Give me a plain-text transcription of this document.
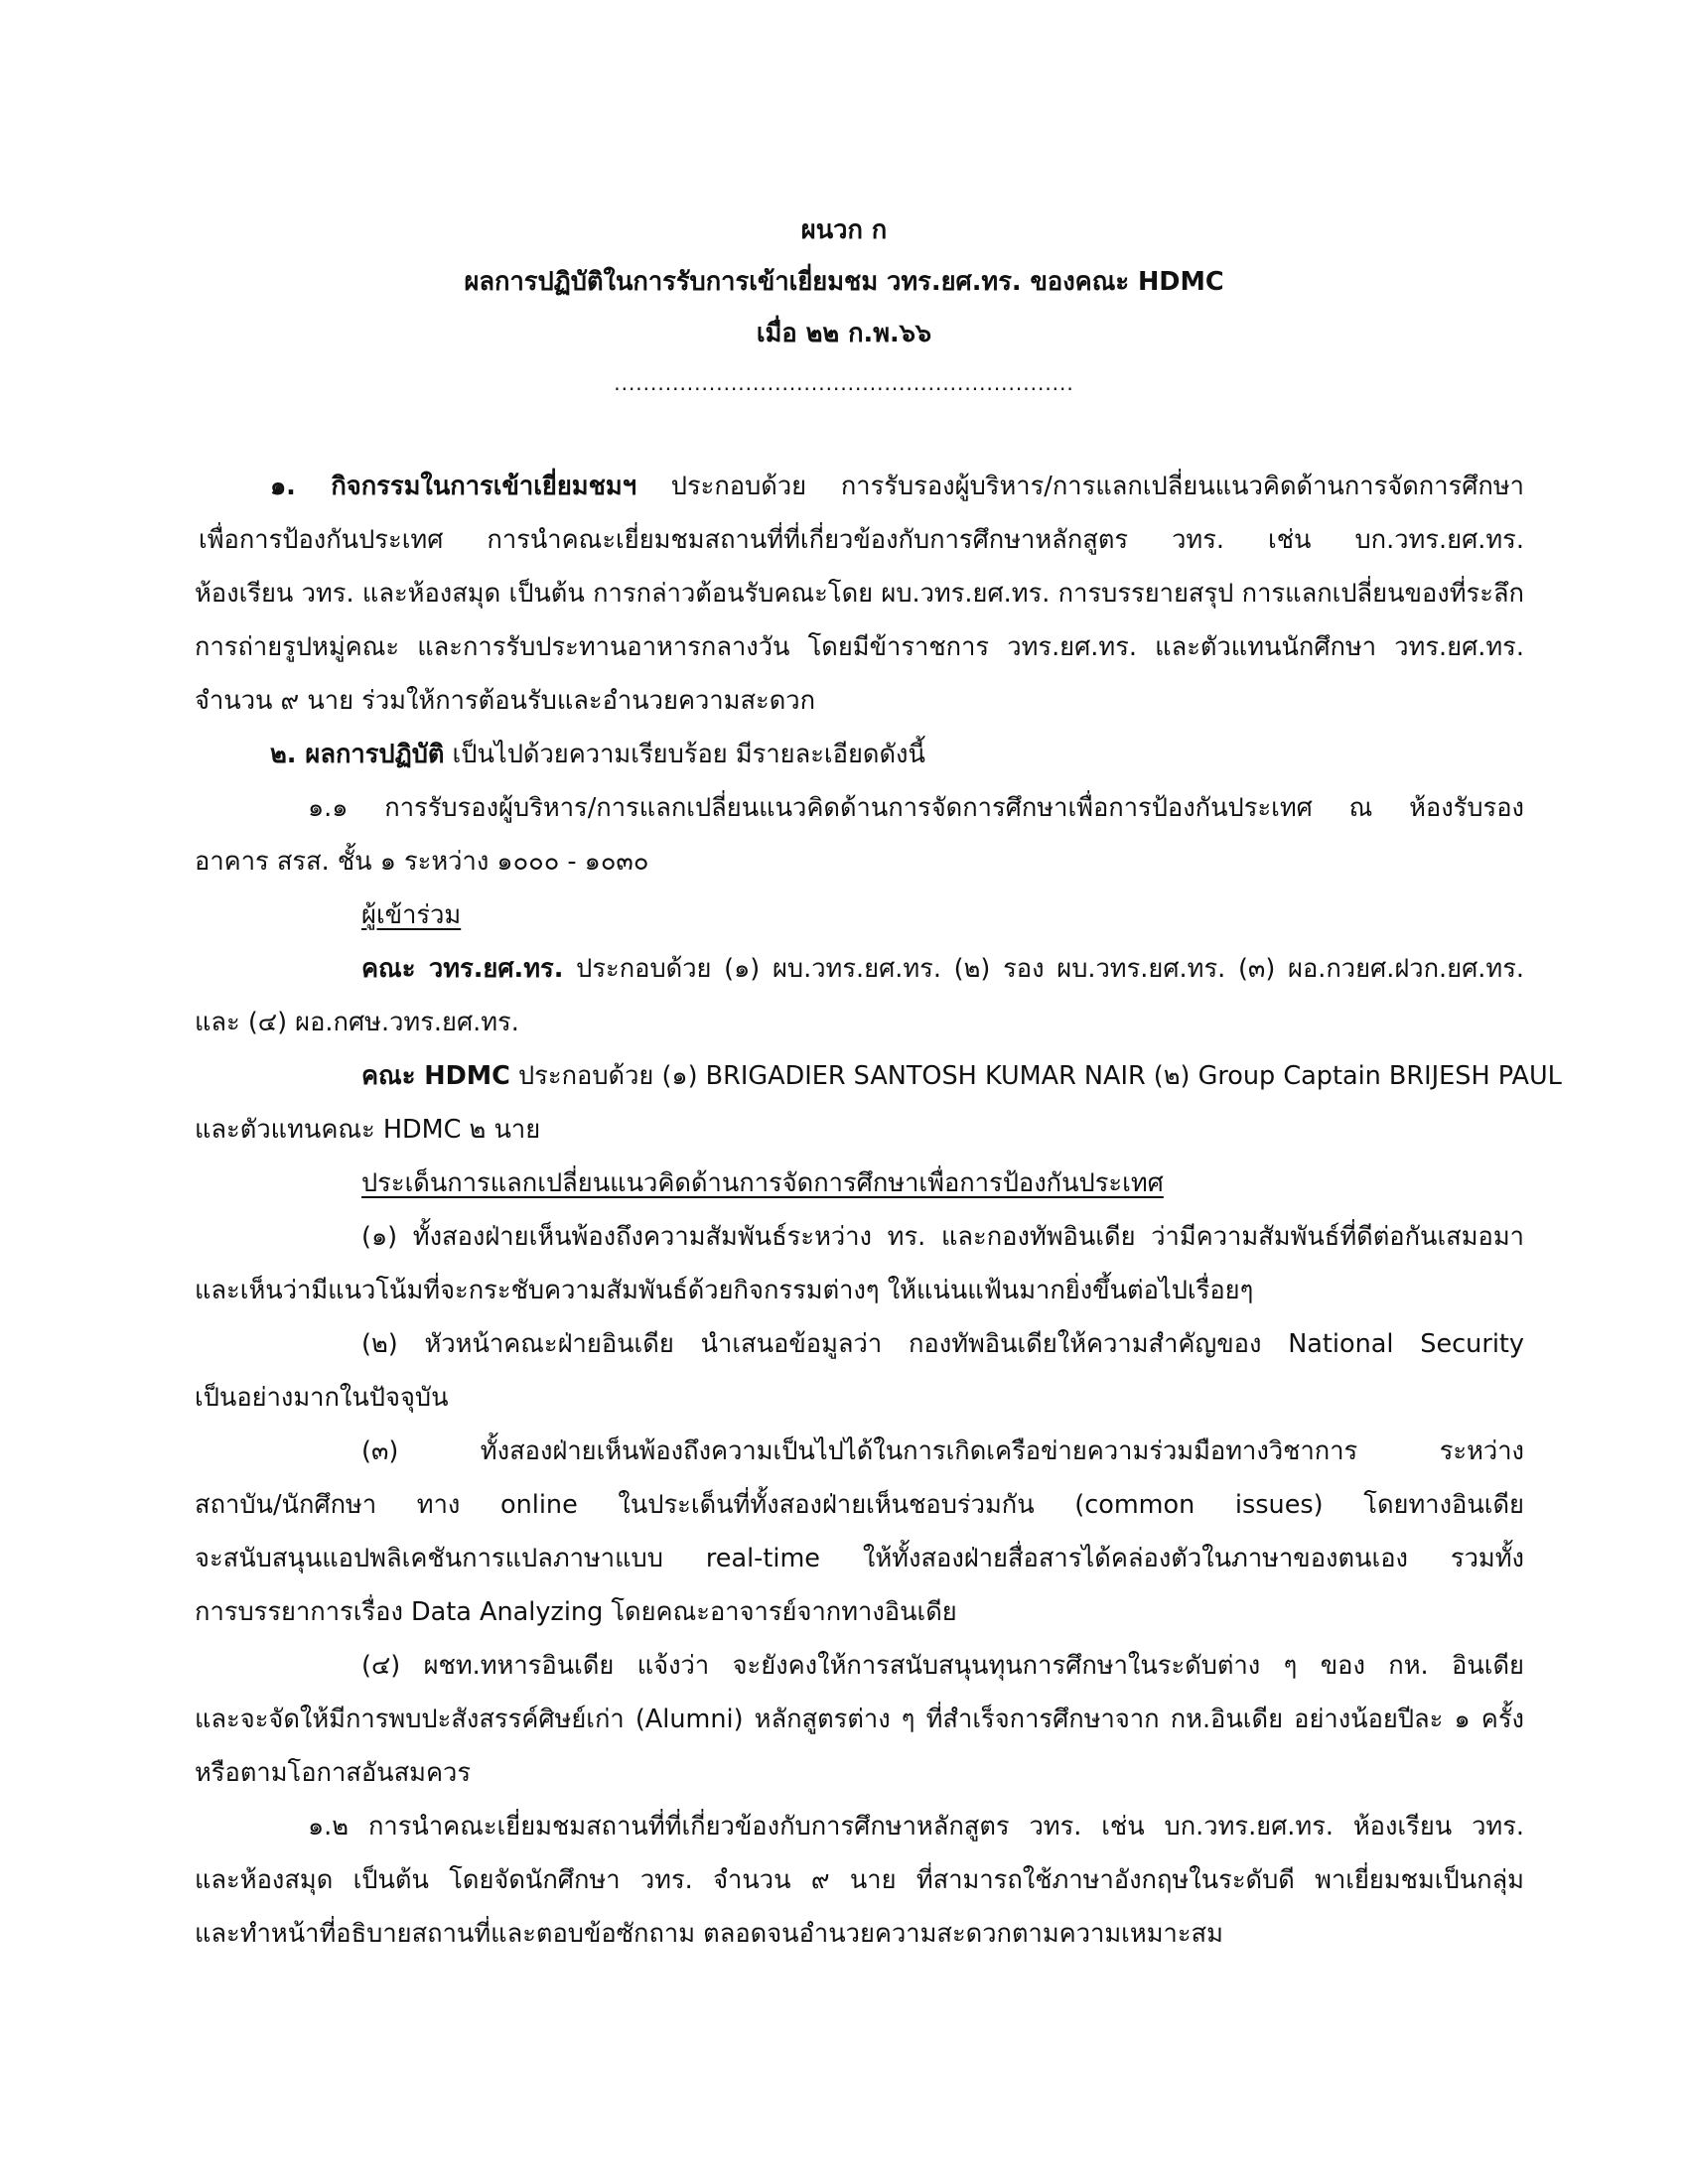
ผนวก ก
ผลการปฏิบัติในการรับการเข้าเยี่ยมชม วทร.ยศ.ทร. ของคณะ HDMC
เมื่อ ๒๒ ก.พ.๖๖
...............................................................
๑. กิจกรรมในการเข้าเยี่ยมชมฯ ประกอบด้วย การรับรองผู้บริหาร/การแลกเปลี่ยนแนวคิดด้านการจัดการศึกษา
เพื่อการป้องกันประเทศ การนำคณะเยี่ยมชมสถานที่ที่เกี่ยวข้องกับการศึกษาหลักสูตร วทร. เช่น บก.วทร.ยศ.ทร.
ห้องเรียน วทร. และห้องสมุด เป็นต้น การกล่าวต้อนรับคณะโดย ผบ.วทร.ยศ.ทร. การบรรยายสรุป การแลกเปลี่ยนของที่ระลึก
การถ่ายรูปหมู่คณะ และการรับประทานอาหารกลางวัน โดยมีข้าราชการ วทร.ยศ.ทร. และตัวแทนนักศึกษา วทร.ยศ.ทร.
จำนวน ๙ นาย ร่วมให้การต้อนรับและอำนวยความสะดวก
๒. ผลการปฏิบัติ เป็นไปด้วยความเรียบร้อย มีรายละเอียดดังนี้
๑.๑ การรับรองผู้บริหาร/การแลกเปลี่ยนแนวคิดด้านการจัดการศึกษาเพื่อการป้องกันประเทศ ณ ห้องรับรอง
อาคาร สรส. ชั้น ๑ ระหว่าง ๑๐๐๐ - ๑๐๓๐
ผู้เข้าร่วม
คณะ วทร.ยศ.ทร. ประกอบด้วย (๑) ผบ.วทร.ยศ.ทร. (๒) รอง ผบ.วทร.ยศ.ทร. (๓) ผอ.กวยศ.ฝวก.ยศ.ทร.
และ (๔) ผอ.กศษ.วทร.ยศ.ทร.
คณะ HDMC ประกอบด้วย (๑) BRIGADIER SANTOSH KUMAR NAIR (๒) Group Captain BRIJESH PAUL
และตัวแทนคณะ HDMC ๒ นาย
ประเด็นการแลกเปลี่ยนแนวคิดด้านการจัดการศึกษาเพื่อการป้องกันประเทศ
(๑) ทั้งสองฝ่ายเห็นพ้องถึงความสัมพันธ์ระหว่าง ทร. และกองทัพอินเดีย ว่ามีความสัมพันธ์ที่ดีต่อกันเสมอมา
และเห็นว่ามีแนวโน้มที่จะกระชับความสัมพันธ์ด้วยกิจกรรมต่างๆ ให้แน่นแฟ้นมากยิ่งขึ้นต่อไปเรื่อยๆ
(๒) หัวหน้าคณะฝ่ายอินเดีย นำเสนอข้อมูลว่า กองทัพอินเดียให้ความสำคัญของ National Security
เป็นอย่างมากในปัจจุบัน
(๓) ทั้งสองฝ่ายเห็นพ้องถึงความเป็นไปได้ในการเกิดเครือข่ายความร่วมมือทางวิชาการ ระหว่าง
สถาบัน/นักศึกษา ทาง online ในประเด็นที่ทั้งสองฝ่ายเห็นชอบร่วมกัน (common issues) โดยทางอินเดีย
จะสนับสนุนแอปพลิเคชันการแปลภาษาแบบ real-time ให้ทั้งสองฝ่ายสื่อสารได้คล่องตัวในภาษาของตนเอง รวมทั้ง
การบรรยาการเรื่อง Data Analyzing โดยคณะอาจารย์จากทางอินเดีย
(๔) ผชท.ทหารอินเดีย แจ้งว่า จะยังคงให้การสนับสนุนทุนการศึกษาในระดับต่าง ๆ ของ กห. อินเดีย
และจะจัดให้มีการพบปะสังสรรค์ศิษย์เก่า (Alumni) หลักสูตรต่าง ๆ ที่สำเร็จการศึกษาจาก กห.อินเดีย อย่างน้อยปีละ ๑ ครั้ง
หรือตามโอกาสอันสมควร
๑.๒ การนำคณะเยี่ยมชมสถานที่ที่เกี่ยวข้องกับการศึกษาหลักสูตร วทร. เช่น บก.วทร.ยศ.ทร. ห้องเรียน วทร.
และห้องสมุด เป็นต้น โดยจัดนักศึกษา วทร. จำนวน ๙ นาย ที่สามารถใช้ภาษาอังกฤษในระดับดี พาเยี่ยมชมเป็นกลุ่ม
และทำหน้าที่อธิบายสถานที่และตอบข้อซักถาม ตลอดจนอำนวยความสะดวกตามความเหมาะสม
